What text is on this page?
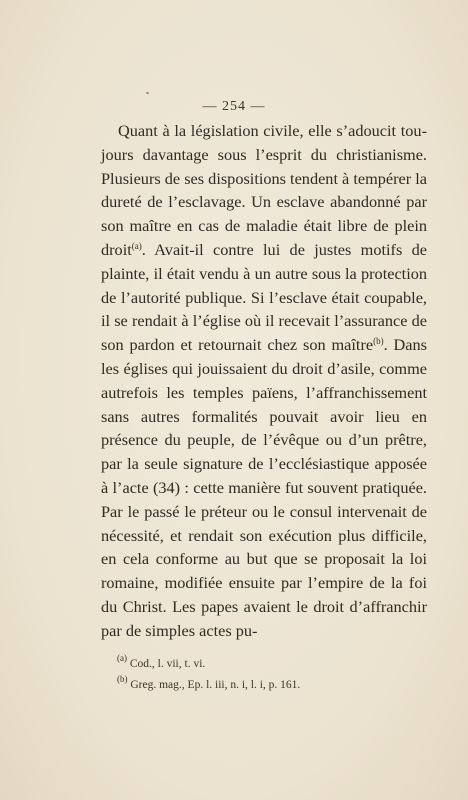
— 254 —

Quant à la législation civile, elle s’adoucit toujours davantage sous l’esprit du christianisme. Plusieurs de ses dispositions tendent à tempérer la dureté de l’esclavage. Un esclave abandonné par son maître en cas de maladie était libre de plein droit$^{(a)}$. Avait-il contre lui de justes motifs de plainte, il était vendu à un autre sous la protection de l’autorité publique. Si l’esclave était coupable, il se rendait à l’église où il recevait l’assurance de son pardon et retournait chez son maître$^{(b)}$. Dans les églises qui jouissaient du droit d’asile, comme autrefois les temples païens, l’affranchissement sans autres formalités pouvait avoir lieu en présence du peuple, de l’évêque ou d’un prêtre, par la seule signature de l’ecclésiastique apposée à l’acte (34) : cette manière fut souvent pratiquée. Par le passé le préteur ou le consul intervenait de nécessité, et rendait son exécution plus difficile, en cela conforme au but que se proposait la loi romaine, modifiée ensuite par l’empire de la foi du Christ. Les papes avaient le droit d’affranchir par de simples actes pu-

$^{(a)}$ Cod., l. vii, t. vi.
$^{(b)}$ Greg. mag., Ep. l. iii, n. i, l. i, p. 161.
